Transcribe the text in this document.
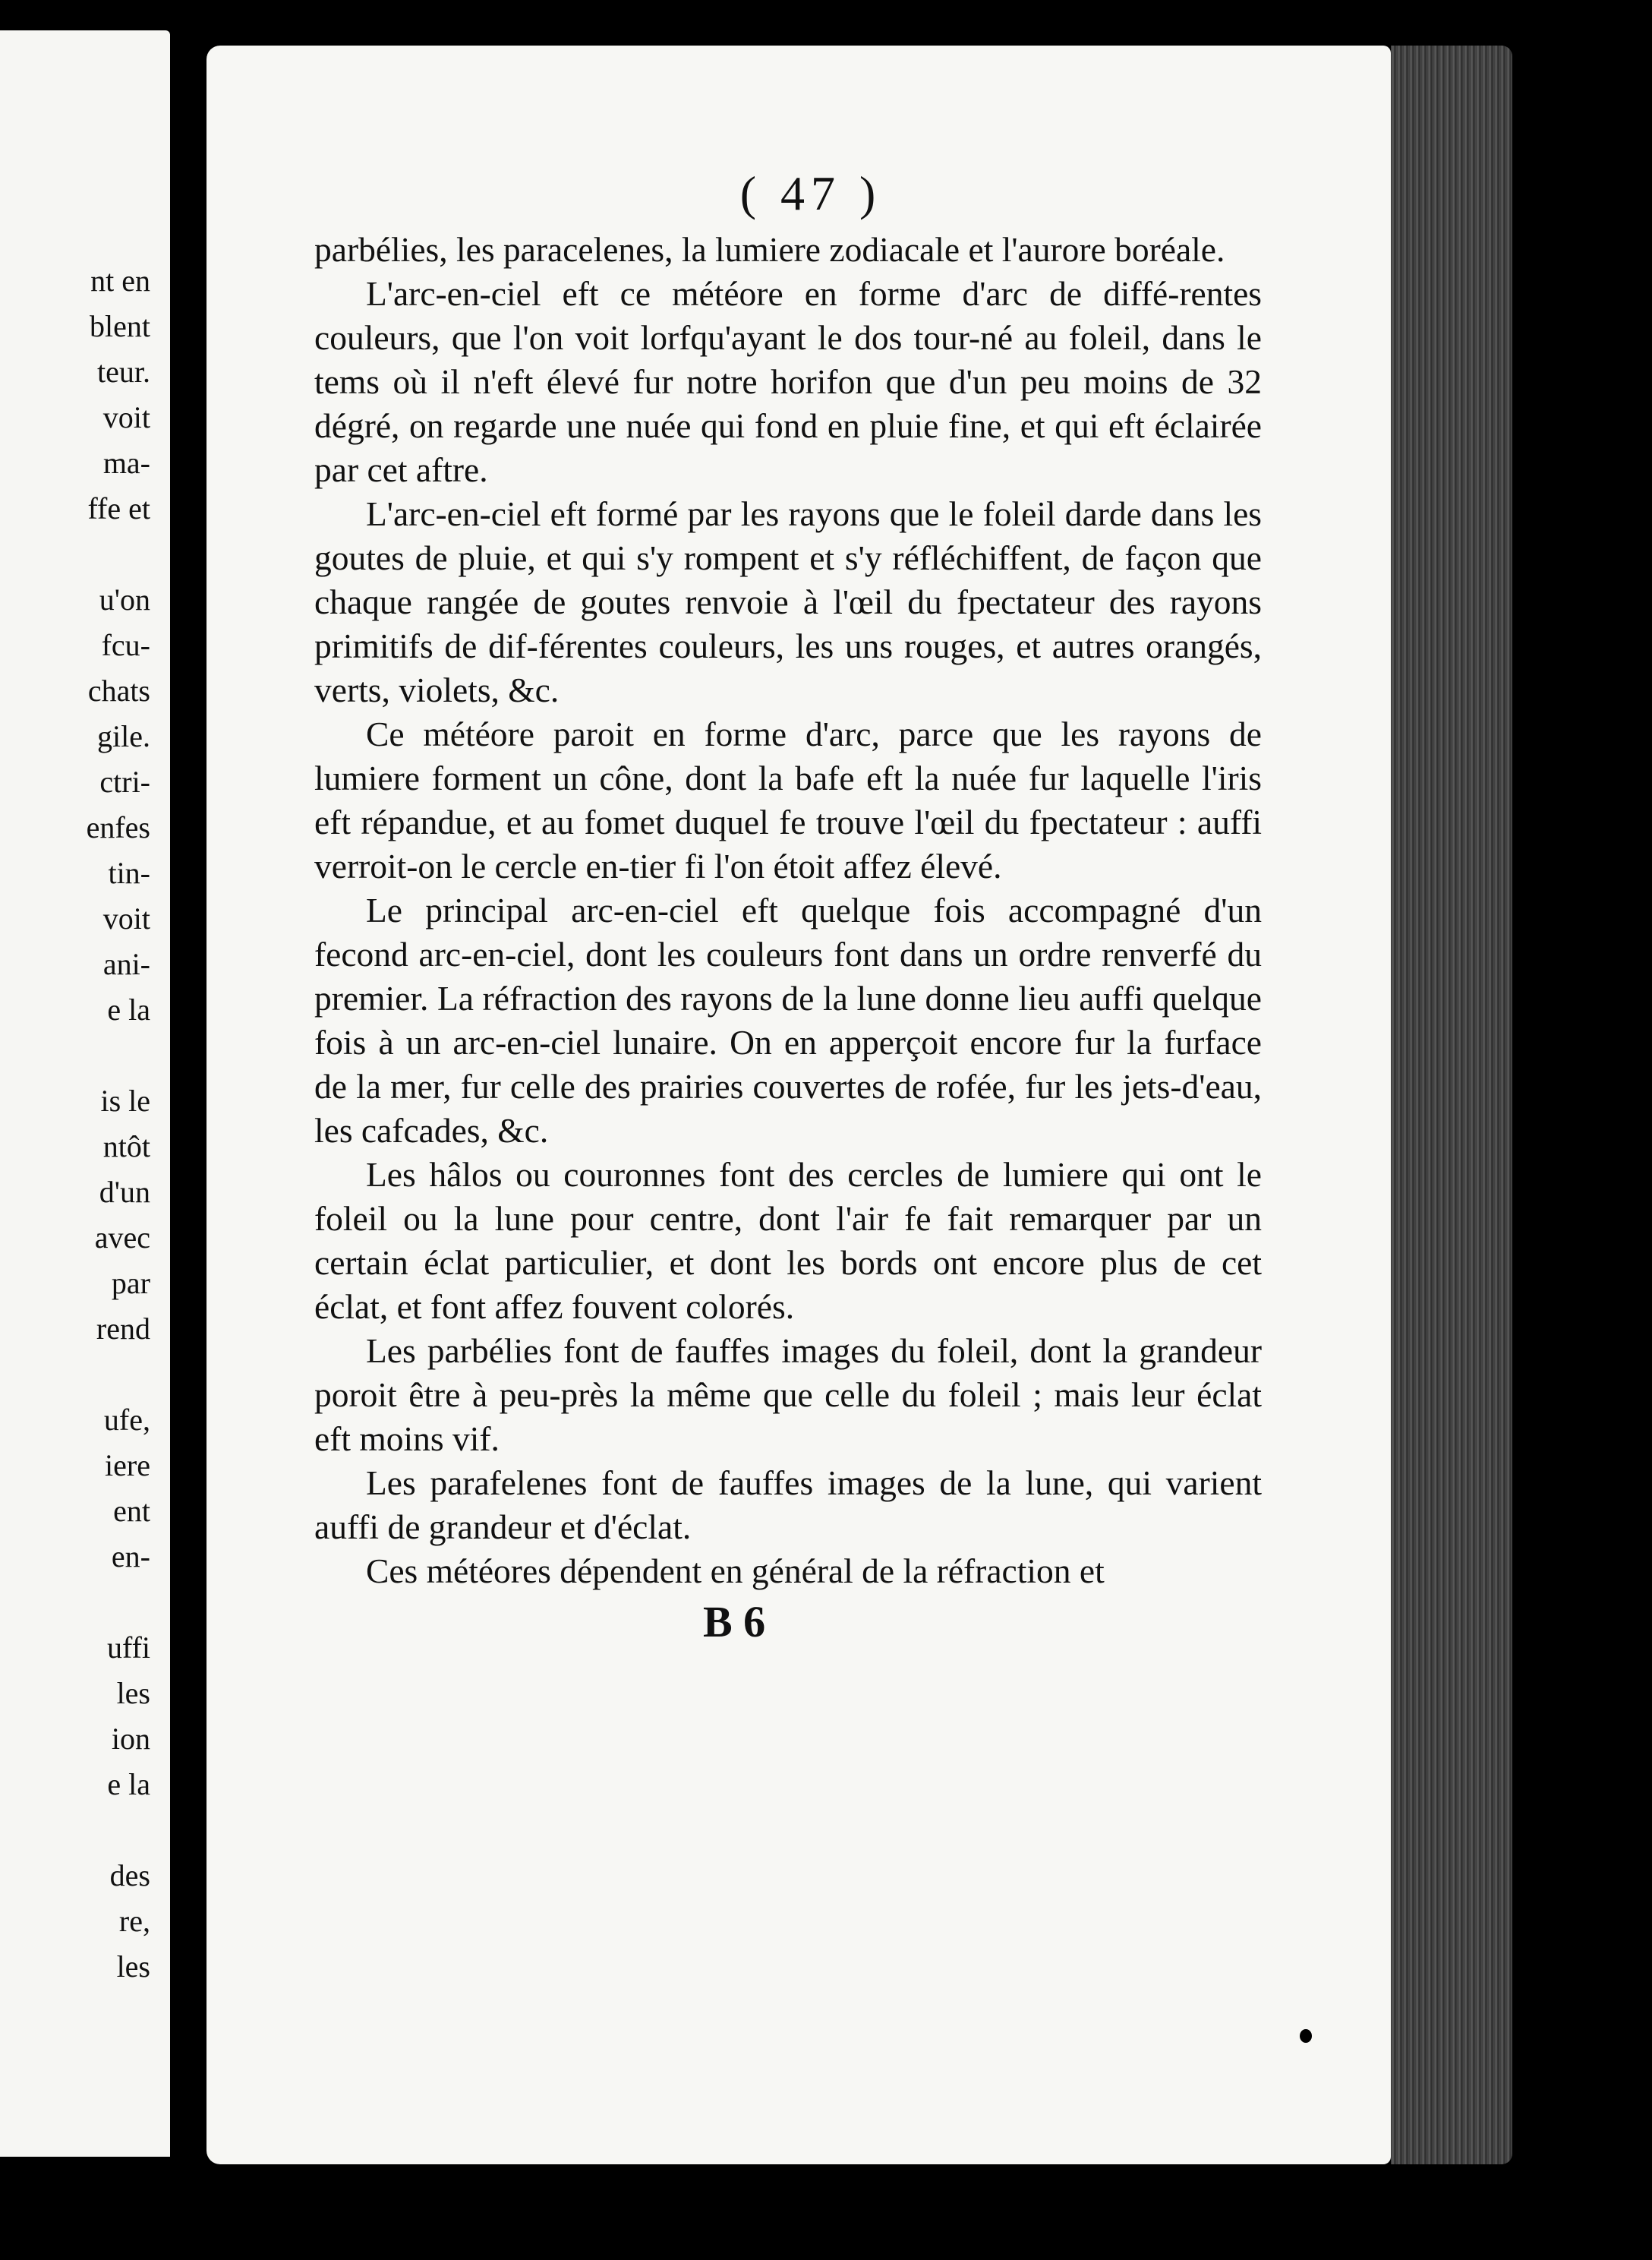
nt en
blent
teur.
voit
ma-
ffe et
u'on
fcu-
chats
gile.
ctri-
enfes
tin-
voit
ani-
e la
is le
ntôt
d'un
avec
par
rend
ufe,
iere
ent
en-
uffi
les
ion
e la
des
re,
les
( 47 )

parbélies, les paracelenes, la lumiere zodiacale et l'aurore boréale.

L'arc-en-ciel eft ce météore en forme d'arc de diffé-rentes couleurs, que l'on voit lorfqu'ayant le dos tour-né au foleil, dans le tems où il n'eft élevé fur notre horifon que d'un peu moins de 32 dégré, on regarde une nuée qui fond en pluie fine, et qui eft éclairée par cet aftre.

L'arc-en-ciel eft formé par les rayons que le foleil darde dans les goutes de pluie, et qui s'y rompent et s'y réfléchiffent, de façon que chaque rangée de goutes renvoie à l'œil du fpectateur des rayons primitifs de dif-férentes couleurs, les uns rouges, et autres orangés, verts, violets, &c.

Ce météore paroit en forme d'arc, parce que les rayons de lumiere forment un cône, dont la bafe eft la nuée fur laquelle l'iris eft répandue, et au fomet duquel fe trouve l'œil du fpectateur : auffi verroit-on le cercle en-tier fi l'on étoit affez élevé.

Le principal arc-en-ciel eft quelque fois accompagné d'un fecond arc-en-ciel, dont les couleurs font dans un ordre renverfé du premier. La réfraction des rayons de la lune donne lieu auffi quelque fois à un arc-en-ciel lunaire. On en apperçoit encore fur la furface de la mer, fur celle des prairies couvertes de rofée, fur les jets-d'eau, les cafcades, &c.

Les hâlos ou couronnes font des cercles de lumiere qui ont le foleil ou la lune pour centre, dont l'air fe fait remarquer par un certain éclat particulier, et dont les bords ont encore plus de cet éclat, et font affez fouvent colorés.

Les parbélies font de fauffes images du foleil, dont la grandeur poroit être à peu-près la même que celle du foleil ; mais leur éclat eft moins vif.

Les parafelenes font de fauffes images de la lune, qui varient auffi de grandeur et d'éclat.

Ces météores dépendent en général de la réfraction et

B 6
